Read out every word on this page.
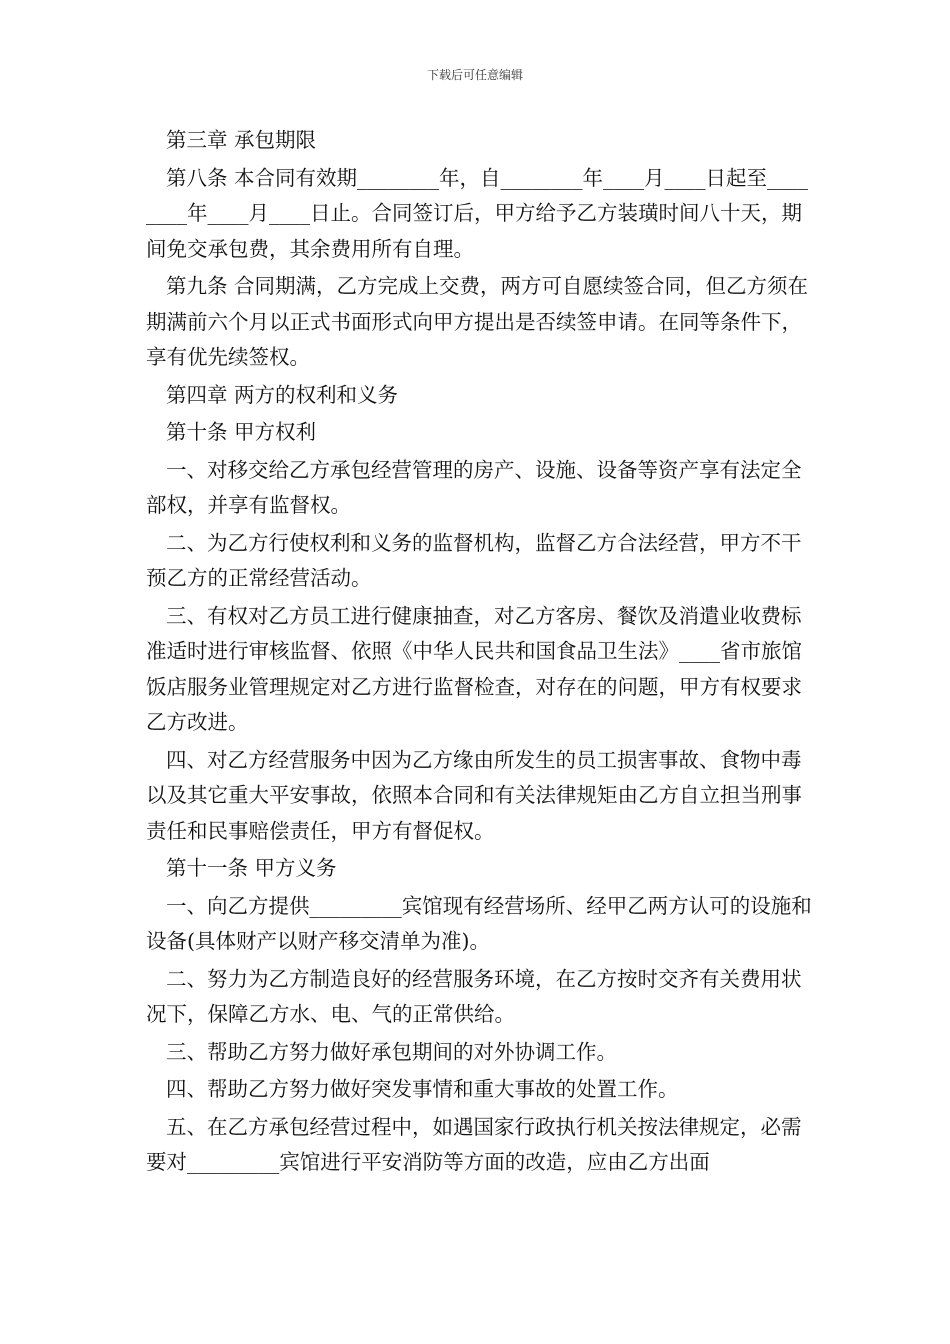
下载后可任意编辑

第三章 承包期限

第八条 本合同有效期________年，自________年____月____日起至________年____月____日止。合同签订后，甲方给予乙方装璜时间八十天，期间免交承包费，其余费用所有自理。

第九条 合同期满，乙方完成上交费，两方可自愿续签合同，但乙方须在期满前六个月以正式书面形式向甲方提出是否续签申请。在同等条件下，享有优先续签权。

第四章 两方的权利和义务

第十条 甲方权利

一、对移交给乙方承包经营管理的房产、设施、设备等资产享有法定全部权，并享有监督权。

二、为乙方行使权利和义务的监督机构，监督乙方合法经营，甲方不干预乙方的正常经营活动。

三、有权对乙方员工进行健康抽查，对乙方客房、餐饮及消遣业收费标准适时进行审核监督、依照《中华人民共和国食品卫生法》____省市旅馆饭店服务业管理规定对乙方进行监督检查，对存在的问题，甲方有权要求乙方改进。

四、对乙方经营服务中因为乙方缘由所发生的员工损害事故、食物中毒以及其它重大平安事故，依照本合同和有关法律规矩由乙方自立担当刑事责任和民事赔偿责任，甲方有督促权。

第十一条 甲方义务

一、向乙方提供_________宾馆现有经营场所、经甲乙两方认可的设施和设备(具体财产以财产移交清单为准)。

二、努力为乙方制造良好的经营服务环境，在乙方按时交齐有关费用状况下，保障乙方水、电、气的正常供给。

三、帮助乙方努力做好承包期间的对外协调工作。

四、帮助乙方努力做好突发事情和重大事故的处置工作。

五、在乙方承包经营过程中，如遇国家行政执行机关按法律规定，必需要对_________宾馆进行平安消防等方面的改造，应由乙方出面
